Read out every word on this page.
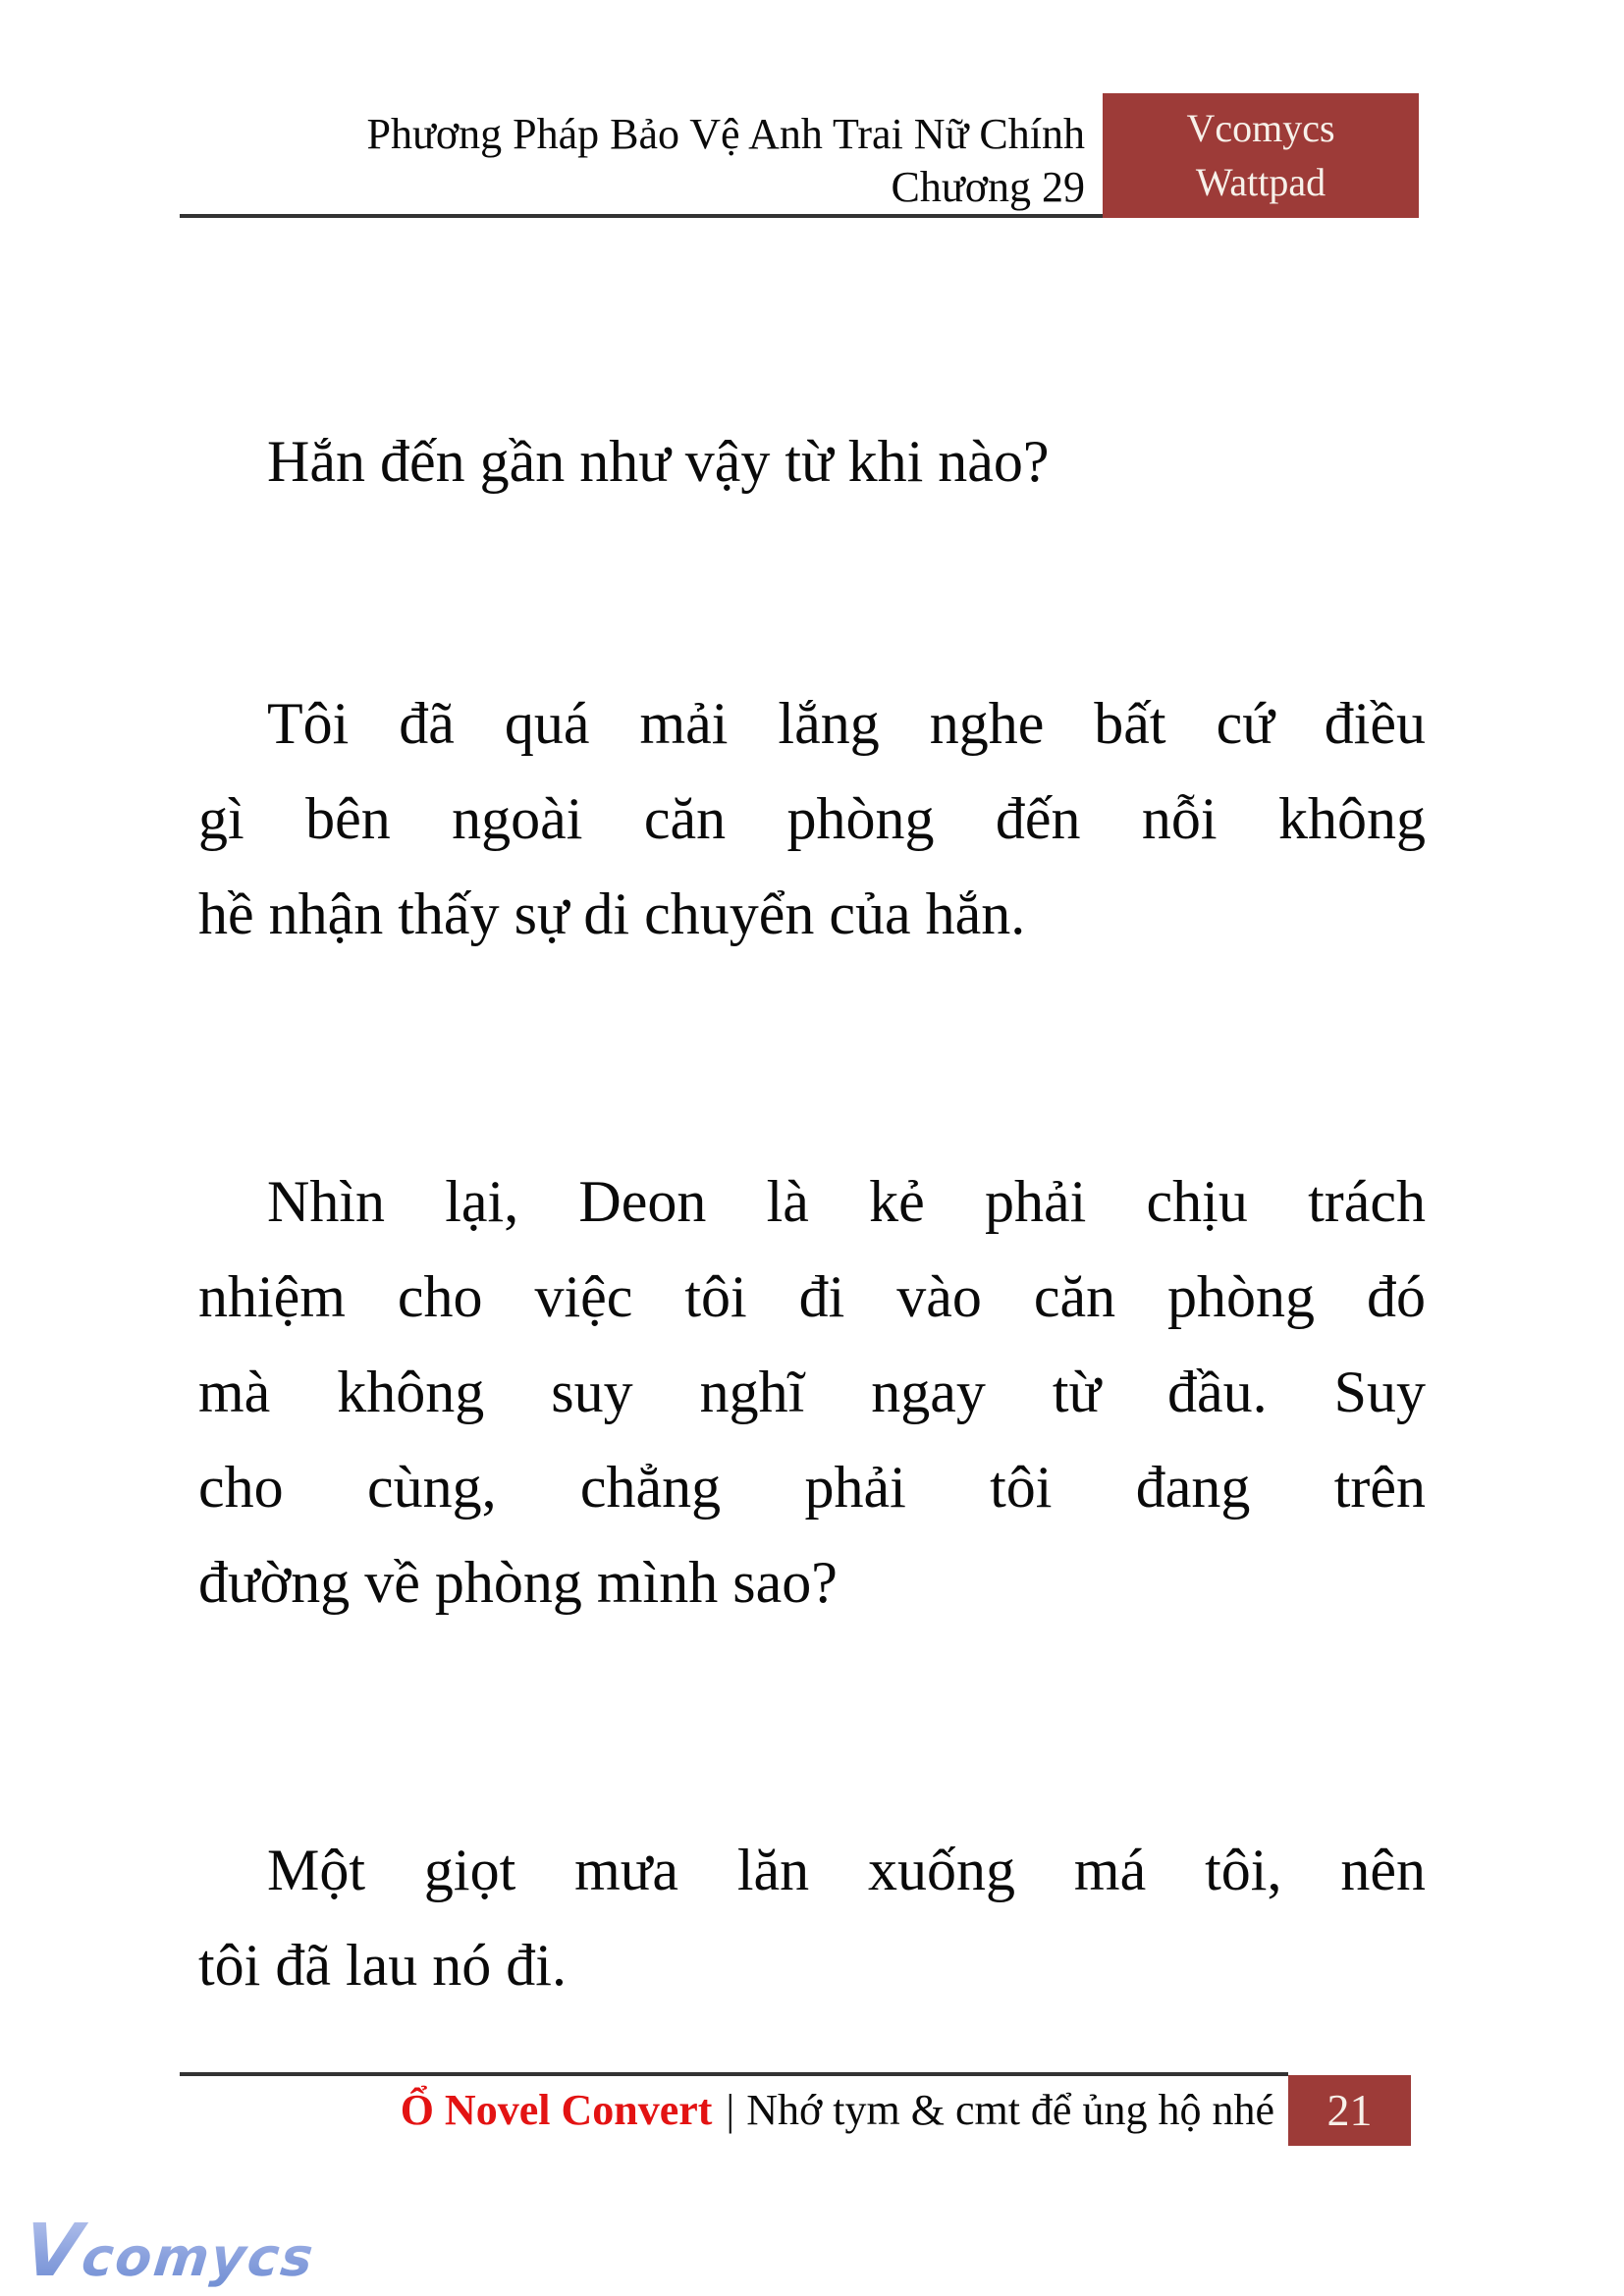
Phương Pháp Bảo Vệ Anh Trai Nữ Chính
Chương 29
Vcomycs
Wattpad
Hắn đến gần như vậy từ khi nào?
Tôi đã quá mải lắng nghe bất cứ điều
gì bên ngoài căn phòng đến nỗi không
hề nhận thấy sự di chuyển của hắn.
Nhìn lại, Deon là kẻ phải chịu trách
nhiệm cho việc tôi đi vào căn phòng đó
mà không suy nghĩ ngay từ đầu. Suy
cho cùng, chẳng phải tôi đang trên
đường về phòng mình sao?
Một giọt mưa lăn xuống má tôi, nên
tôi đã lau nó đi.
Ổ Novel Convert | Nhớ tym & cmt để ủng hộ nhé	21
Vcomycs
